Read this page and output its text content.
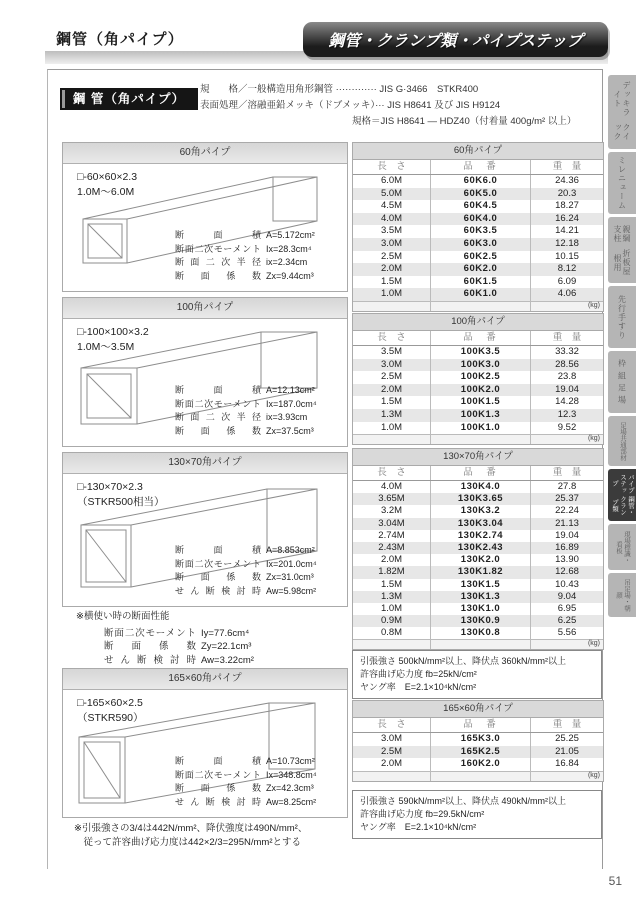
鋼管（角パイプ）	鋼管・クランプ類・パイプステップ
鋼 管（角パイプ）
規　　格／一般構造用角形鋼管 ············· JIS G·3466　STKR400
表面処理／溶融亜鉛メッキ（ドブメッキ）··· JIS H8641 及び JIS H9124
規格＝JIS H8641 — HDZ40（付着量 400g/m² 以上）
60角パイプ
□-60×60×2.3
1.0M～6.0M
断　面　積 A=5.172cm²
断面二次モーメント Ix=28.3cm⁴
断面二次半径 ix=2.34cm
断　面　係　数 Zx=9.44cm³
100角パイプ
□-100×100×3.2
1.0M～3.5M
断　面　積 A=12.13cm²
断面二次モーメント Ix=187.0cm⁴
断面二次半径 ix=3.93cm
断　面　係　数 Zx=37.5cm³
130×70角パイプ
□-130×70×2.3
（STKR500相当）
断　面　積 A=8.853cm²
断面二次モーメント Ix=201.0cm⁴
断　面　係　数 Zx=31.0cm³
せん断検討時 Aw=5.98cm²
※横使い時の断面性能
断面二次モーメント Iy=77.6cm⁴
断　面　係　数 Zy=22.1cm³
せん断検討時 Aw=3.22cm²
165×60角パイプ
□-165×60×2.5
（STKR590）
断　面　積 A=10.73cm²
断面二次モーメント Ix=348.8cm⁴
断　面　係　数 Zx=42.3cm³
せん断検討時 Aw=8.25cm²
※引張強さの3/4は442N/mm²、降伏強度は490N/mm²、
　従って許容曲げ応力度は442×2/3=295N/mm²とする
60角パイプ
長　さ	品　番	重　量
6.0M	60K6.0	24.36
5.0M	60K5.0	20.3
4.5M	60K4.5	18.27
4.0M	60K4.0	16.24
3.5M	60K3.5	14.21
3.0M	60K3.0	12.18
2.5M	60K2.5	10.15
2.0M	60K2.0	8.12
1.5M	60K1.5	6.09
1.0M	60K1.0	4.06
(kg)
100角パイプ
長　さ	品　番	重　量
3.5M	100K3.5	33.32
3.0M	100K3.0	28.56
2.5M	100K2.5	23.8
2.0M	100K2.0	19.04
1.5M	100K1.5	14.28
1.3M	100K1.3	12.3
1.0M	100K1.0	9.52
(kg)
130×70角パイプ
長　さ	品　番	重　量
4.0M	130K4.0	27.8
3.65M	130K3.65	25.37
3.2M	130K3.2	22.24
3.04M	130K3.04	21.13
2.74M	130K2.74	19.04
2.43M	130K2.43	16.89
2.0M	130K2.0	13.90
1.82M	130K1.82	12.68
1.5M	130K1.5	10.43
1.3M	130K1.3	9.04
1.0M	130K1.0	6.95
0.9M	130K0.9	6.25
0.8M	130K0.8	5.56
(kg)
引張強さ 500kN/mm²以上、降伏点 360kN/mm²以上
許容曲げ応力度 fb=25kN/cm²
ヤング率　E=2.1×10⁴kN/cm²
165×60角パイプ
長　さ	品　番	重　量
3.0M	165K3.0	25.25
2.5M	165K2.5	21.05
2.0M	160K2.0	16.84
(kg)
引張強さ 590kN/mm²以上、降伏点 490kN/mm²以上
許容曲げ応力度 fb=29.5kN/cm²
ヤング率　E=2.1×10⁴kN/cm²
クイック
デッキライト
ミレニューム
折板屋根用
親綱支柱
先行手すり
枠 組 足 場
足場共通部材
鋼管・クランプ類
パイプステップ
現場標識・看板
吊足場・朝顔
51
